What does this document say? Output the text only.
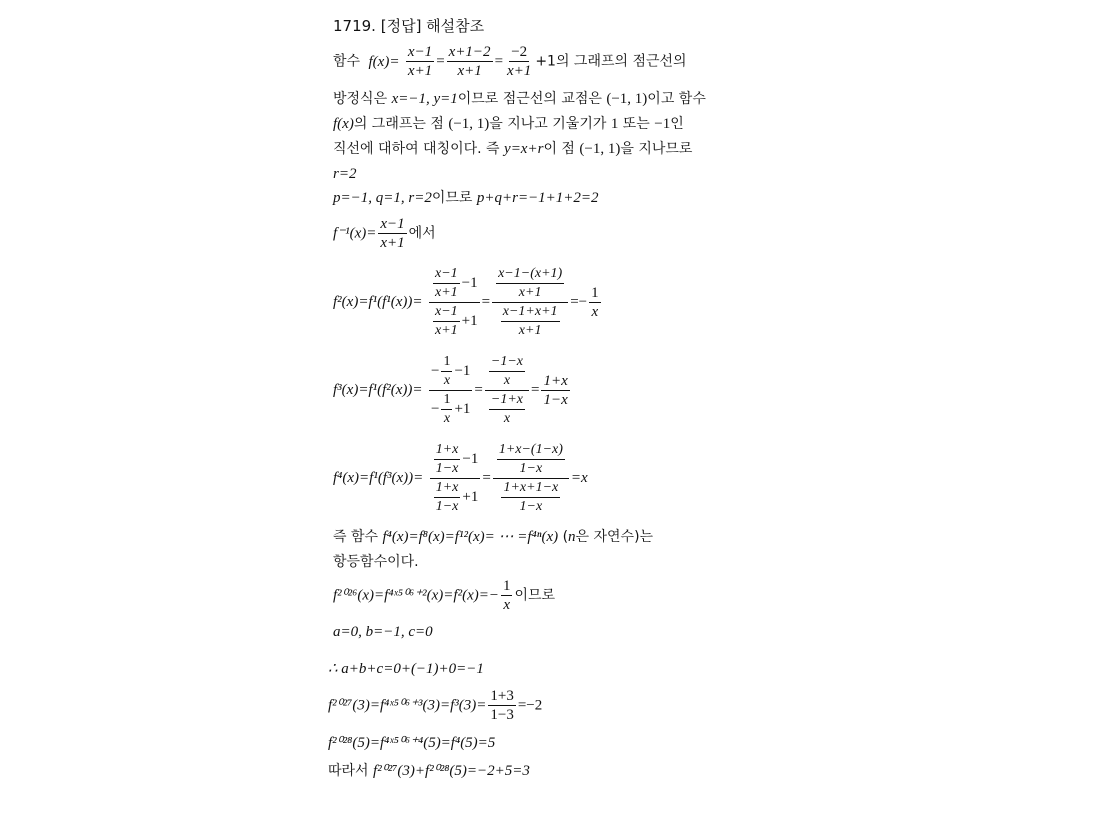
1719. [정답] 해설참조
함수 $f(x)= \frac{x-1}{x+1} = \frac{x+1-2}{x+1} = \frac{-2}{x+1} +1$의 그래프의 점근선의
방정식은 x=−1, y=1이므로 점근선의 교점은 (−1, 1)이고 함수
f(x)의 그래프는 점 (−1, 1)을 지나고 기울기가 1 또는 −1인
직선에 대하여 대칭이다. 즉 y=x+r이 점 (−1, 1)을 지나므로
r=2
p=−1, q=1, r=2이므로 p+q+r=−1+1+2=2
$f^{-1}(x)= \frac{x-1}{x+1}$ 에서
$f^2(x)=f^1(f^1(x))= \frac{\frac{x-1}{x+1} -1}{\frac{x-1}{x+1} +1} = \frac{\frac{x-1-(x+1)}{x+1}}{\frac{x-1+x+1}{x+1}} =- \frac{1}{x}$
$f^3(x)=f^1(f^2(x))= \frac{- \frac{1}{x} -1}{- \frac{1}{x} +1} = \frac{\frac{-1-x}{x}}{\frac{-1+x}{x}} = \frac{1+x}{1-x}$
$f^4(x)=f^1(f^3(x))= \frac{\frac{1+x}{1-x} -1}{\frac{1+x}{1-x} +1} = \frac{\frac{1+x-(1-x)}{1-x}}{\frac{1+x+1-x}{1-x}} =x$
즉 함수 f⁴(x)=f⁸(x)=f¹²(x)= ⋯ =f⁴ⁿ(x) (n은 자연수)는
항등함수이다.
f²⁰²⁶(x)=f⁴ˣ⁵⁰⁶⁺²(x)=f²(x)=− $\frac{1}{x}$ 이므로
a=0, b=−1, c=0
∴ a+b+c=0+(−1)+0=−1
f²⁰²⁷(3)=f⁴ˣ⁵⁰⁶⁺³(3)=f³(3)= $\frac{1+3}{1-3} =-2$
f²⁰²⁸(5)=f⁴ˣ⁵⁰⁶⁺⁴(5)=f⁴(5)=5
따라서 f²⁰²⁷(3)+f²⁰²⁸(5)=−2+5=3
